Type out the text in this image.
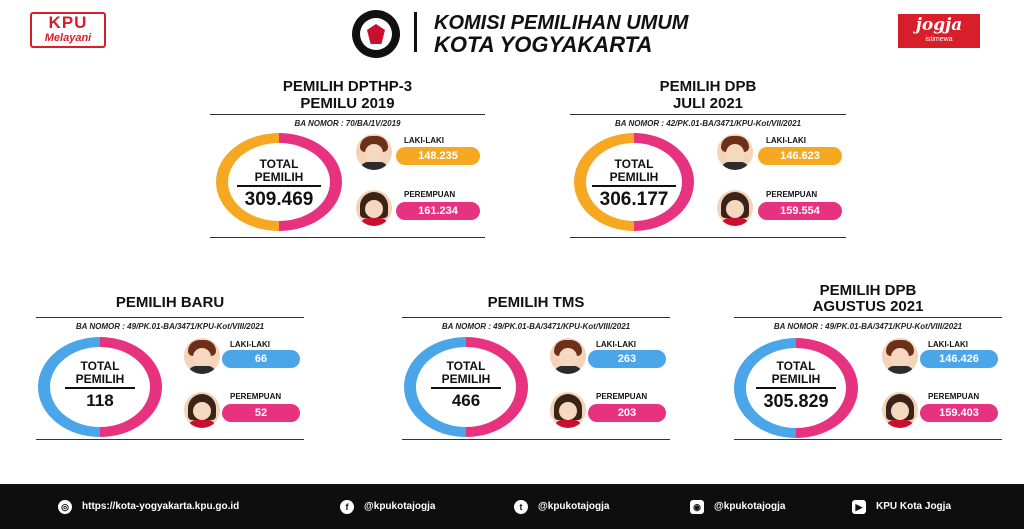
KPU
Melayani
KOMISI PEMILIHAN UMUM
KOTA YOGYAKARTA
jogja
istimewa
PEMILIH DPTHP-3
PEMILU 2019
BA NOMOR : 70/BA/1V/2019
TOTAL
PEMILIH
309.469
LAKI-LAKI
148.235
PEREMPUAN
161.234
PEMILIH DPB
JULI 2021
BA NOMOR : 42/PK.01-BA/3471/KPU-Kot/VII/2021
TOTAL
PEMILIH
306.177
LAKI-LAKI
146.623
PEREMPUAN
159.554
PEMILIH BARU
BA NOMOR : 49/PK.01-BA/3471/KPU-Kot/VIII/2021
TOTAL
PEMILIH
118
LAKI-LAKI
66
PEREMPUAN
52
PEMILIH TMS
BA NOMOR : 49/PK.01-BA/3471/KPU-Kot/VIII/2021
TOTAL
PEMILIH
466
LAKI-LAKI
263
PEREMPUAN
203
PEMILIH DPB
AGUSTUS 2021
BA NOMOR : 49/PK.01-BA/3471/KPU-Kot/VIII/2021
TOTAL
PEMILIH
305.829
LAKI-LAKI
146.426
PEREMPUAN
159.403
◎	https://kota-yogyakarta.kpu.go.id	f	@kpukotajogja	t	@kpukotajogja	◉	@kpukotajogja	▶	KPU Kota Jogja
